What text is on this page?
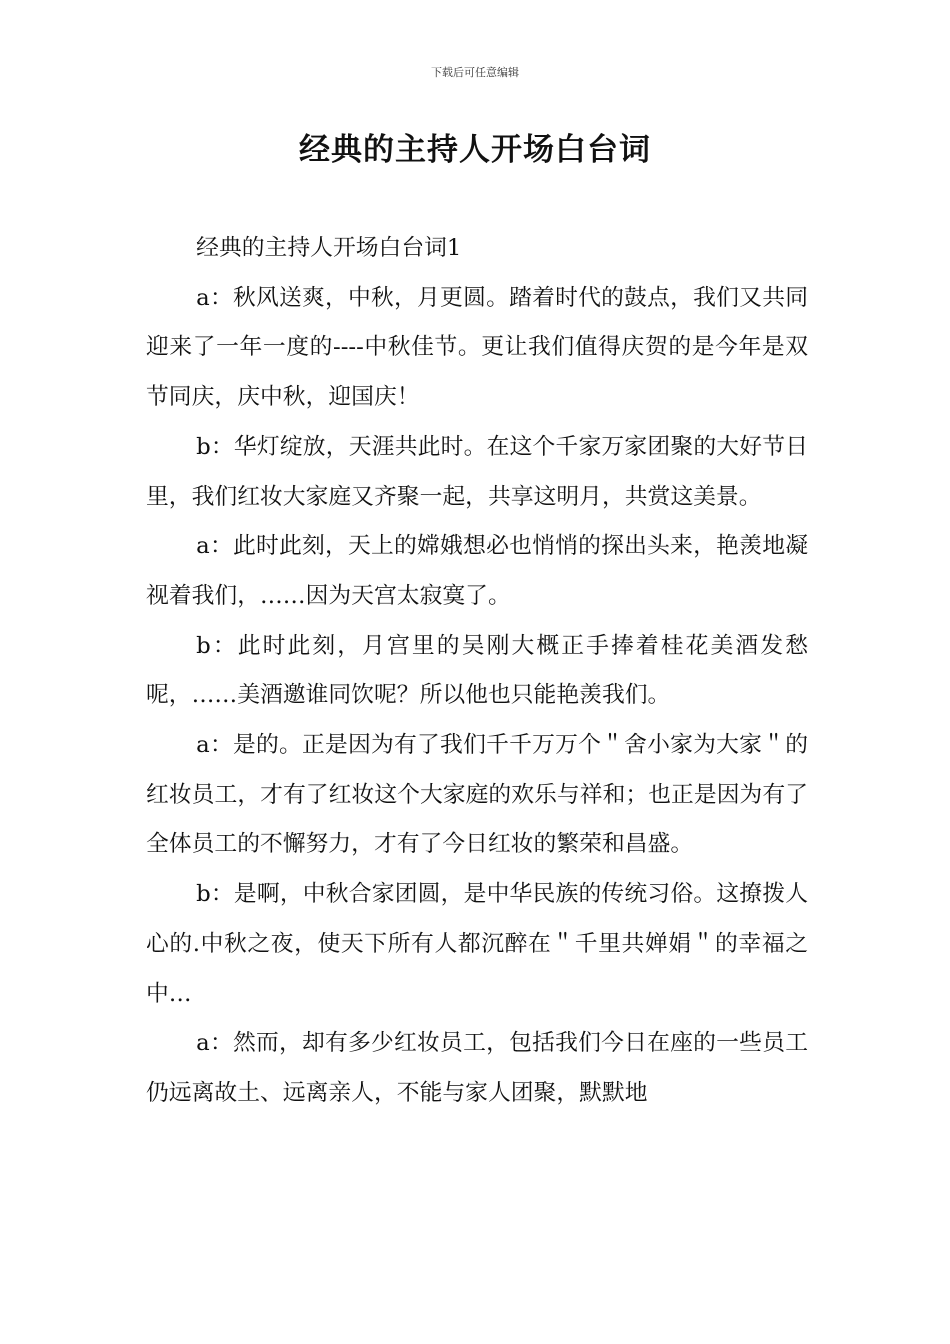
下载后可任意编辑
经典的主持人开场白台词

经典的主持人开场白台词1

a：秋风送爽，中秋，月更圆。踏着时代的鼓点，我们又共同迎来了一年一度的----中秋佳节。更让我们值得庆贺的是今年是双节同庆，庆中秋，迎国庆！

b：华灯绽放，天涯共此时。在这个千家万家团聚的大好节日里，我们红妆大家庭又齐聚一起，共享这明月，共赏这美景。

a：此时此刻，天上的嫦娥想必也悄悄的探出头来，艳羡地凝视着我们，……因为天宫太寂寞了。

b：此时此刻，月宫里的吴刚大概正手捧着桂花美酒发愁呢，……美酒邀谁同饮呢？所以他也只能艳羡我们。

a：是的。正是因为有了我们千千万万个＂舍小家为大家＂的红妆员工，才有了红妆这个大家庭的欢乐与祥和；也正是因为有了全体员工的不懈努力，才有了今日红妆的繁荣和昌盛。

b：是啊，中秋合家团圆，是中华民族的传统习俗。这撩拨人心的.中秋之夜，使天下所有人都沉醉在＂千里共婵娟＂的幸福之中…

a：然而，却有多少红妆员工，包括我们今日在座的一些员工仍远离故土、远离亲人，不能与家人团聚，默默地
